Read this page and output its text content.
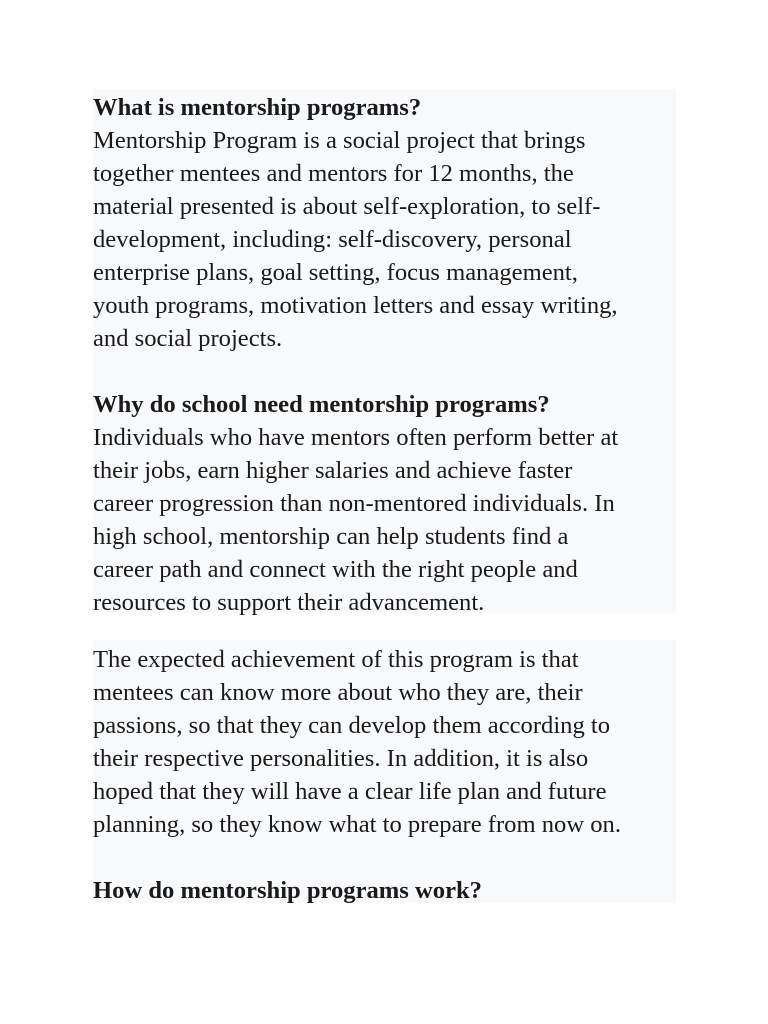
What is mentorship programs?
Mentorship Program is a social project that brings
together mentees and mentors for 12 months, the
material presented is about self-exploration, to self-
development, including: self-discovery, personal
enterprise plans, goal setting, focus management,
youth programs, motivation letters and essay writing,
and social projects.
Why do school need mentorship programs?
Individuals who have mentors often perform better at
their jobs, earn higher salaries and achieve faster
career progression than non-mentored individuals. In
high school, mentorship can help students find a
career path and connect with the right people and
resources to support their advancement.
The expected achievement of this program is that
mentees can know more about who they are, their
passions, so that they can develop them according to
their respective personalities. In addition, it is also
hoped that they will have a clear life plan and future
planning, so they know what to prepare from now on.
How do mentorship programs work?
